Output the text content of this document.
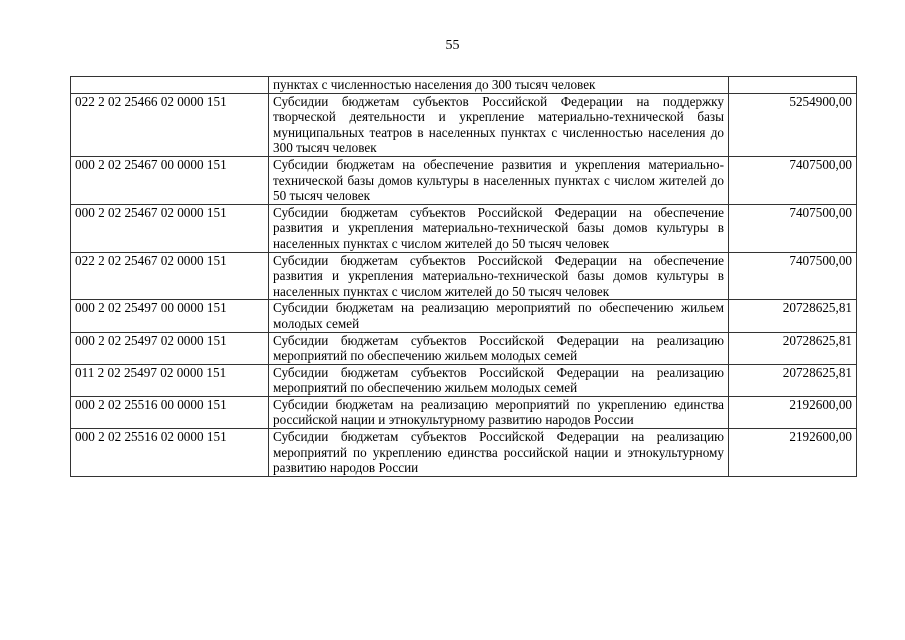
55
	пунктах с численностью населения до 300 тысяч человек	
022 2 02 25466 02 0000 151	Субсидии бюджетам субъектов Российской Федерации на поддержку творческой деятельности и укрепление материально-технической базы муниципальных театров в населенных пунктах с численностью населения до 300 тысяч человек	5254900,00
000 2 02 25467 00 0000 151	Субсидии бюджетам на обеспечение развития и укрепления материально-технической базы домов культуры в населенных пунктах с числом жителей до 50 тысяч человек	7407500,00
000 2 02 25467 02 0000 151	Субсидии бюджетам субъектов Российской Федерации на обеспечение развития и укрепления материально-технической базы домов культуры в населенных пунктах с числом жителей до 50 тысяч человек	7407500,00
022 2 02 25467 02 0000 151	Субсидии бюджетам субъектов Российской Федерации на обеспечение развития и укрепления материально-технической базы домов культуры в населенных пунктах с числом жителей до 50 тысяч человек	7407500,00
000 2 02 25497 00 0000 151	Субсидии бюджетам на реализацию мероприятий по обеспечению жильем молодых семей	20728625,81
000 2 02 25497 02 0000 151	Субсидии бюджетам субъектов Российской Федерации на реализацию мероприятий по обеспечению жильем молодых семей	20728625,81
011 2 02 25497 02 0000 151	Субсидии бюджетам субъектов Российской Федерации на реализацию мероприятий по обеспечению жильем молодых семей	20728625,81
000 2 02 25516 00 0000 151	Субсидии бюджетам на реализацию мероприятий по укреплению единства российской нации и этнокультурному развитию народов России	2192600,00
000 2 02 25516 02 0000 151	Субсидии бюджетам субъектов Российской Федерации на реализацию мероприятий по укреплению единства российской нации и этнокультурному развитию народов России	2192600,00
